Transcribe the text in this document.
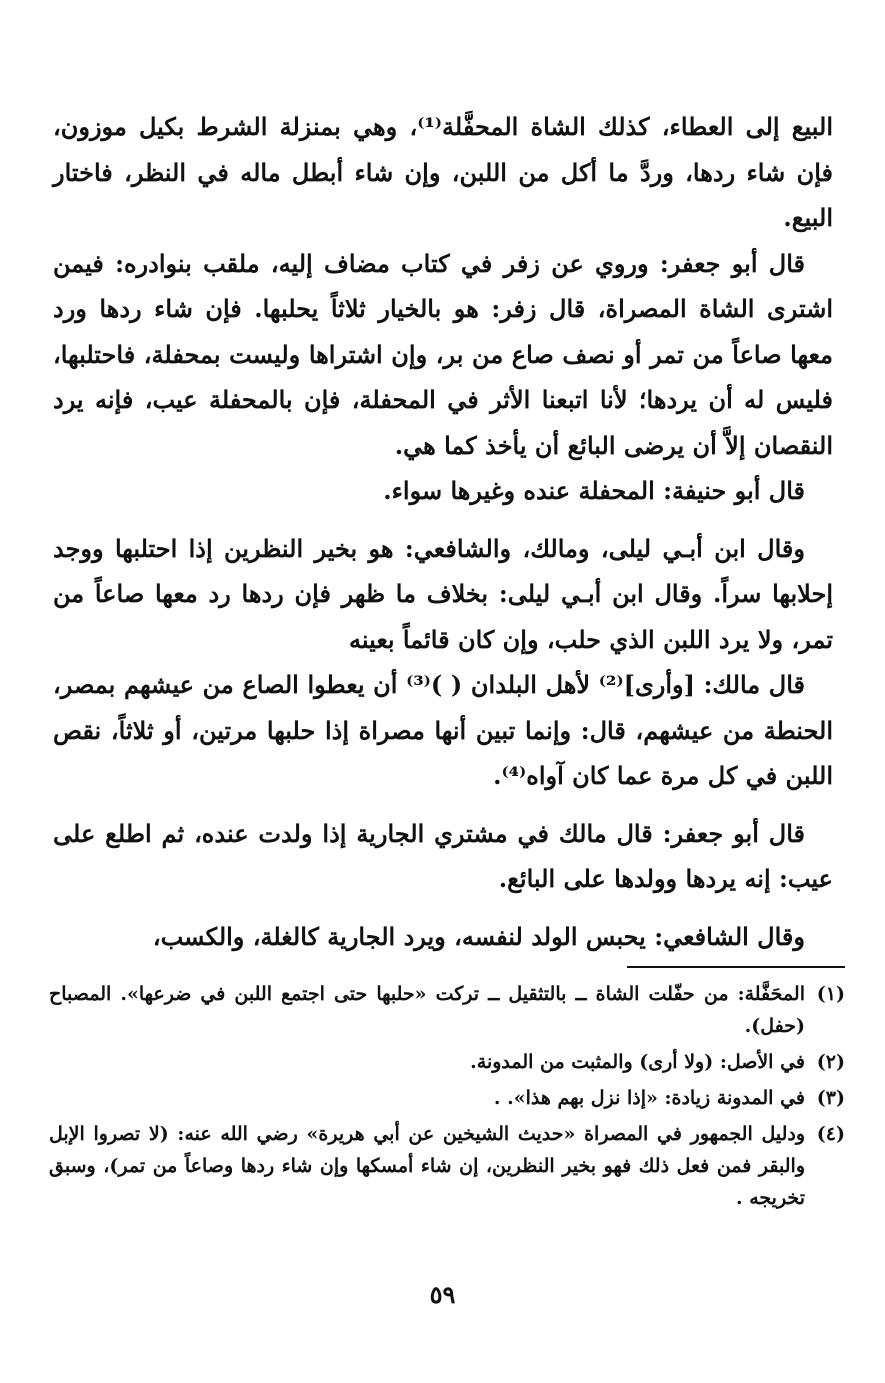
البيع إلى العطاء، كذلك الشاة المحفَّلة⁽¹⁾، وهي بمنزلة الشرط بكيل موزون، فإن شاء ردها، وردَّ ما أكل من اللبن، وإن شاء أبطل ماله في النظر، فاختار البيع.

قال أبو جعفر: وروي عن زفر في كتاب مضاف إليه، ملقب بنوادره: فيمن اشترى الشاة المصراة، قال زفر: هو بالخيار ثلاثاً يحلبها. فإن شاء ردها ورد معها صاعاً من تمر أو نصف صاع من بر، وإن اشتراها وليست بمحفلة، فاحتلبها، فليس له أن يردها؛ لأنا اتبعنا الأثر في المحفلة، فإن بالمحفلة عيب، فإنه يرد النقصان إلاَّ أن يرضى البائع أن يأخذ كما هي.

قال أبو حنيفة: المحفلة عنده وغيرها سواء.

وقال ابن أبـي ليلى، ومالك، والشافعي: هو بخير النظرين إذا احتلبها ووجد إحلابها سراً. وقال ابن أبـي ليلى: بخلاف ما ظهر فإن ردها رد معها صاعاً من تمر، ولا يرد اللبن الذي حلب، وإن كان قائماً بعينه

قال مالك: [وأرى]⁽²⁾ لأهل البلدان ( )⁽³⁾ أن يعطوا الصاع من عيشهم بمصر، الحنطة من عيشهم، قال: وإنما تبين أنها مصراة إذا حلبها مرتين، أو ثلاثاً، نقص اللبن في كل مرة عما كان آواه⁽⁴⁾.

قال أبو جعفر: قال مالك في مشتري الجارية إذا ولدت عنده، ثم اطلع على عيب: إنه يردها وولدها على البائع.

وقال الشافعي: يحبس الولد لنفسه، ويرد الجارية كالغلة، والكسب،

(١)
المحَفَّلة: من حفّلت الشاة ــ بالتثقيل ــ تركت «حلبها حتى اجتمع اللبن في ضرعها». المصباح (حفل).
(٢)
في الأصل: (ولا أرى) والمثبت من المدونة.
(٣)
في المدونة زيادة: «إذا نزل بهم هذا». .
(٤)
ودليل الجمهور في المصراة «حديث الشيخين عن أبي هريرة» رضي الله عنه: (لا تصروا الإبل والبقر فمن فعل ذلك فهو بخير النظرين، إن شاء أمسكها وإن شاء ردها وصاعاً من تمر)، وسبق تخريجه .
٥٩
